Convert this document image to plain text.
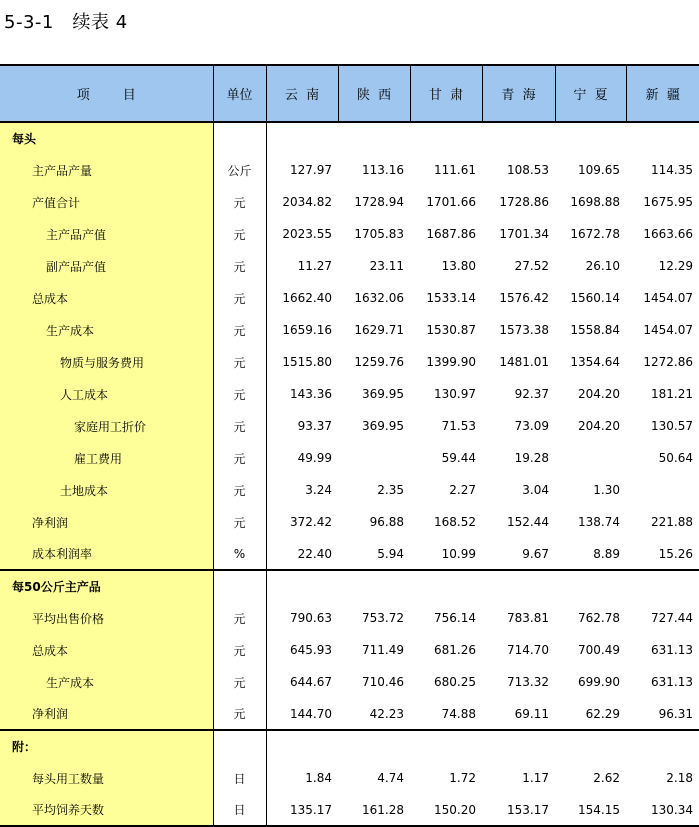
5-3-1   续表 4
项        目	单位	云  南	陕  西	甘  肃	青  海	宁  夏	新  疆
每头							
主产品产量	公斤	127.97	113.16	111.61	108.53	109.65	114.35
产值合计	元	2034.82	1728.94	1701.66	1728.86	1698.88	1675.95
主产品产值	元	2023.55	1705.83	1687.86	1701.34	1672.78	1663.66
副产品产值	元	11.27	23.11	13.80	27.52	26.10	12.29
总成本	元	1662.40	1632.06	1533.14	1576.42	1560.14	1454.07
生产成本	元	1659.16	1629.71	1530.87	1573.38	1558.84	1454.07
物质与服务费用	元	1515.80	1259.76	1399.90	1481.01	1354.64	1272.86
人工成本	元	143.36	369.95	130.97	92.37	204.20	181.21
家庭用工折价	元	93.37	369.95	71.53	73.09	204.20	130.57
雇工费用	元	49.99		59.44	19.28		50.64
土地成本	元	3.24	2.35	2.27	3.04	1.30	
净利润	元	372.42	96.88	168.52	152.44	138.74	221.88
成本利润率	%	22.40	5.94	10.99	9.67	8.89	15.26
每50公斤主产品							
平均出售价格	元	790.63	753.72	756.14	783.81	762.78	727.44
总成本	元	645.93	711.49	681.26	714.70	700.49	631.13
生产成本	元	644.67	710.46	680.25	713.32	699.90	631.13
净利润	元	144.70	42.23	74.88	69.11	62.29	96.31
附：							
每头用工数量	日	1.84	4.74	1.72	1.17	2.62	2.18
平均饲养天数	日	135.17	161.28	150.20	153.17	154.15	130.34
